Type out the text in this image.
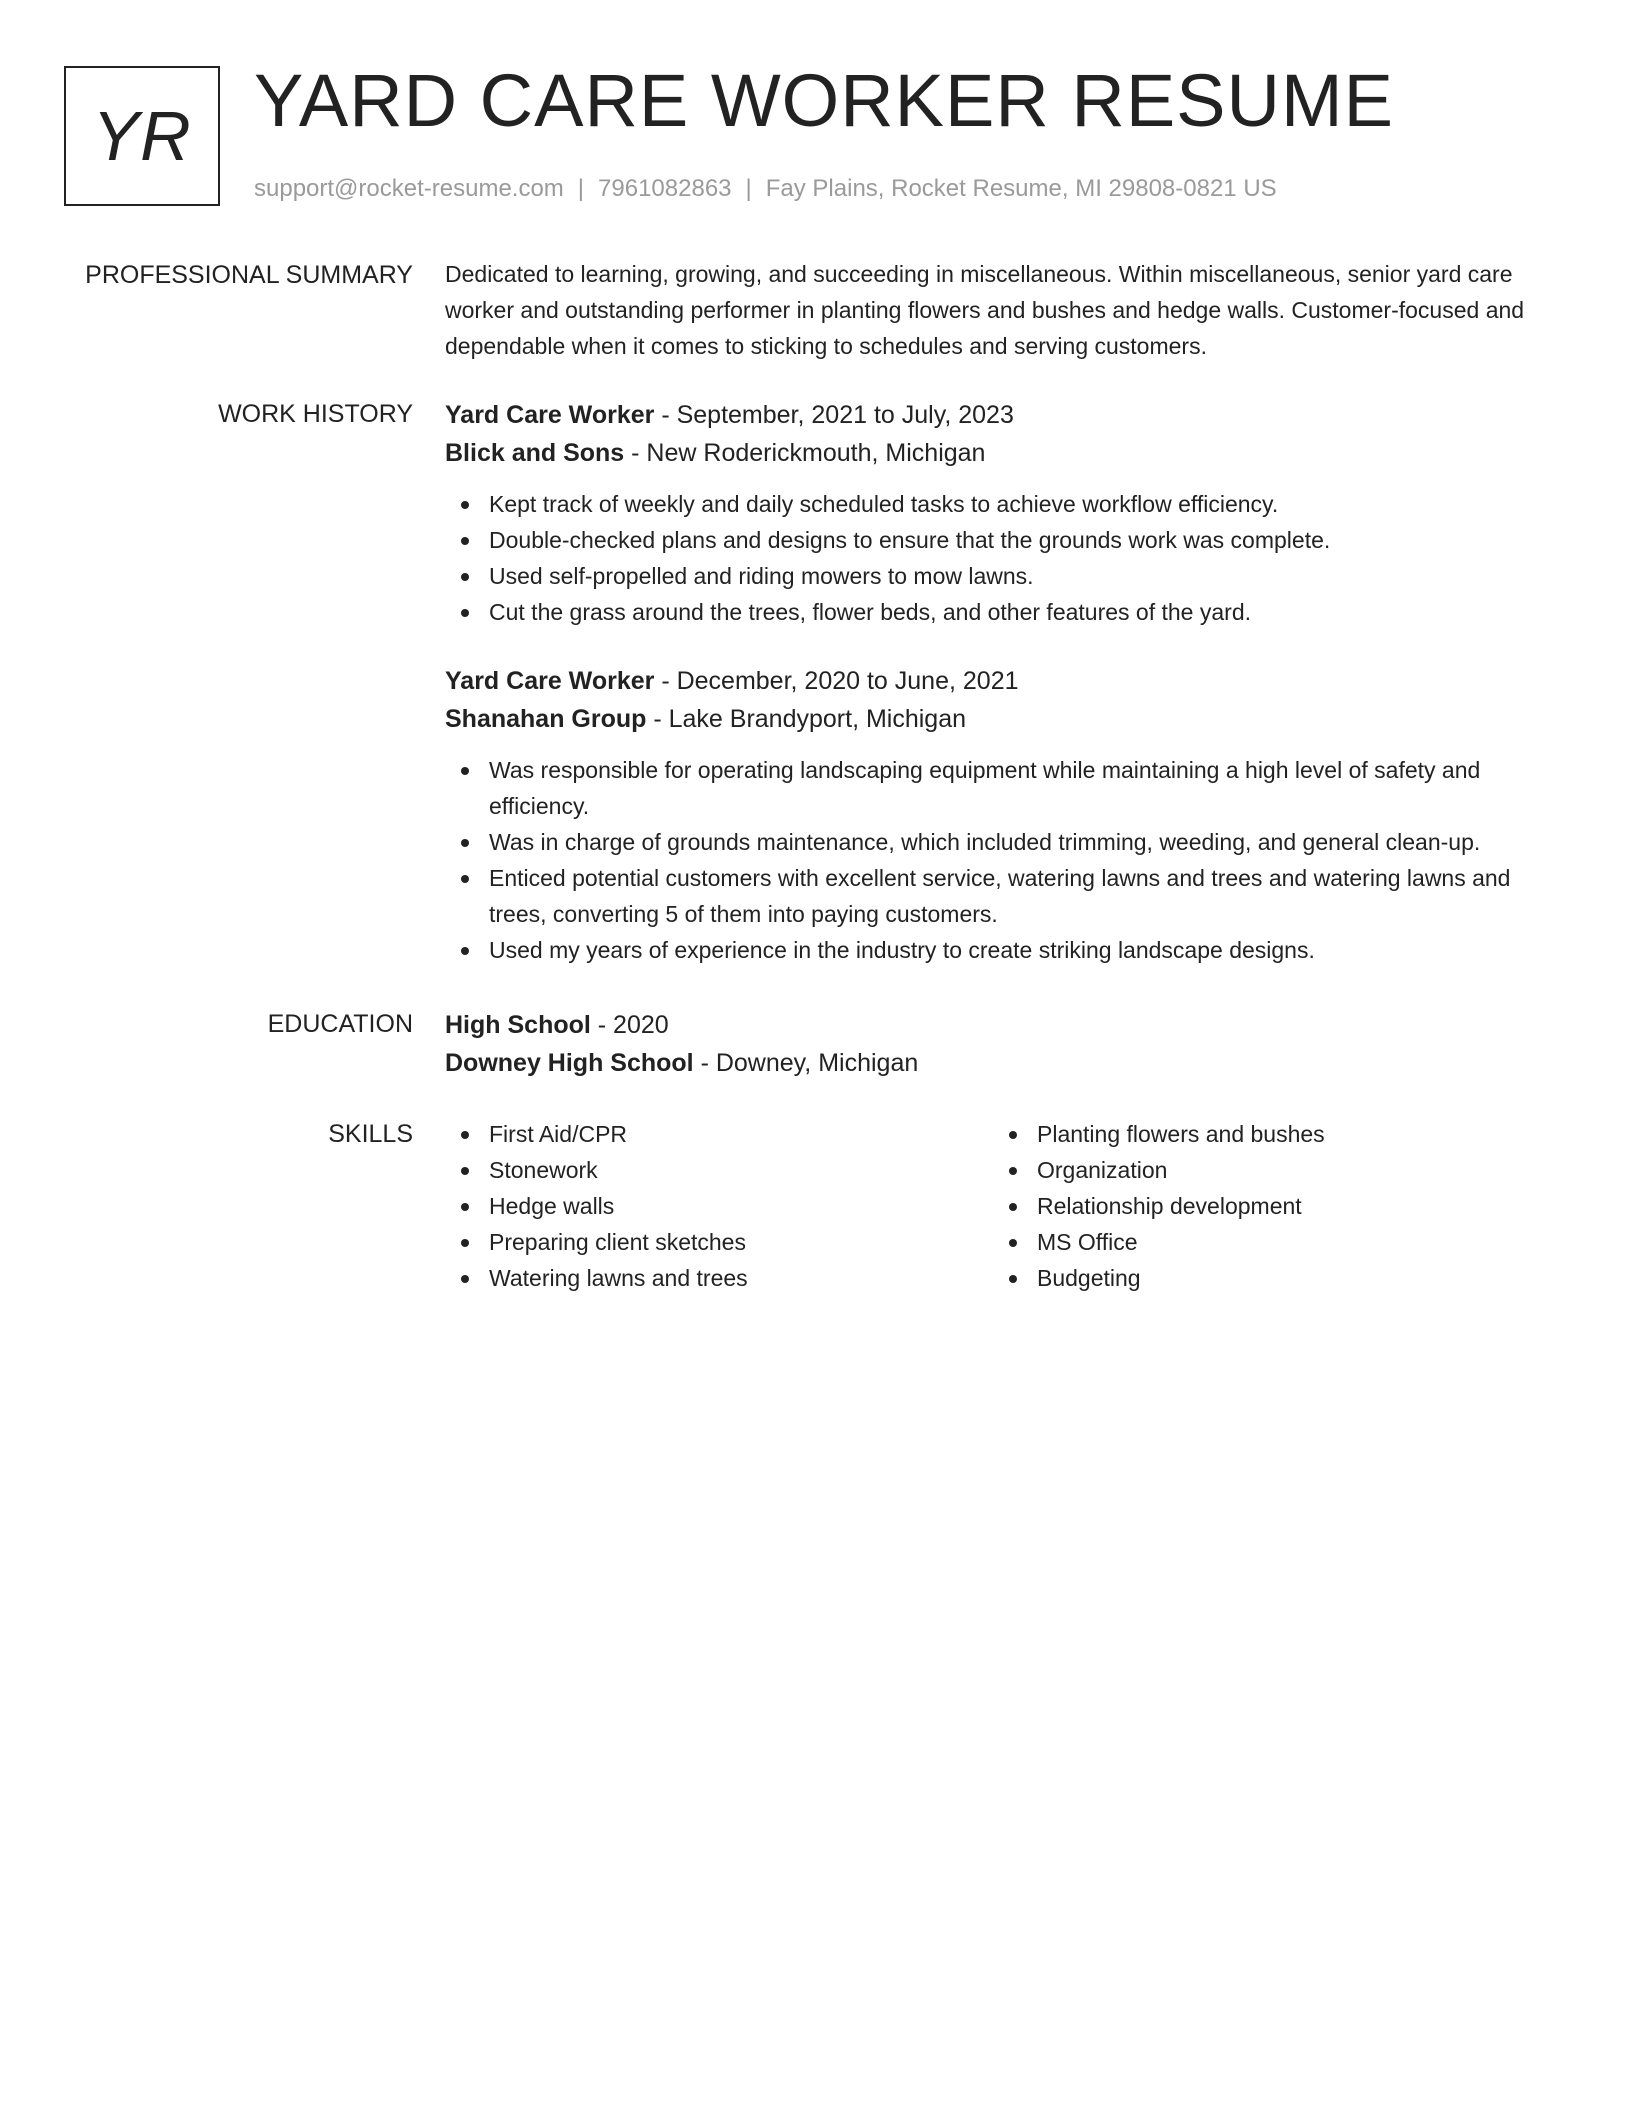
YR YARD CARE WORKER RESUME
support@rocket-resume.com | 7961082863 | Fay Plains, Rocket Resume, MI 29808-0821 US
PROFESSIONAL SUMMARY Dedicated to learning, growing, and succeeding in miscellaneous. Within miscellaneous, senior yard care worker and outstanding performer in planting flowers and bushes and hedge walls. Customer-focused and dependable when it comes to sticking to schedules and serving customers.

WORK HISTORY Yard Care Worker - September, 2021 to July, 2023
Blick and Sons - New Roderickmouth, Michigan
Kept track of weekly and daily scheduled tasks to achieve workflow efficiency.
Double-checked plans and designs to ensure that the grounds work was complete.
Used self-propelled and riding mowers to mow lawns.
Cut the grass around the trees, flower beds, and other features of the yard.
Yard Care Worker - December, 2020 to June, 2021
Shanahan Group - Lake Brandyport, Michigan
Was responsible for operating landscaping equipment while maintaining a high level of safety and efficiency.
Was in charge of grounds maintenance, which included trimming, weeding, and general clean-up.
Enticed potential customers with excellent service, watering lawns and trees and watering lawns and trees, converting 5 of them into paying customers.
Used my years of experience in the industry to create striking landscape designs.
EDUCATION High School - 2020
Downey High School - Downey, Michigan
SKILLS	First Aid/CPR
Stonework
Hedge walls
Preparing client sketches
Watering lawns and trees
Planting flowers and bushes
Organization
Relationship development
MS Office
Budgeting
